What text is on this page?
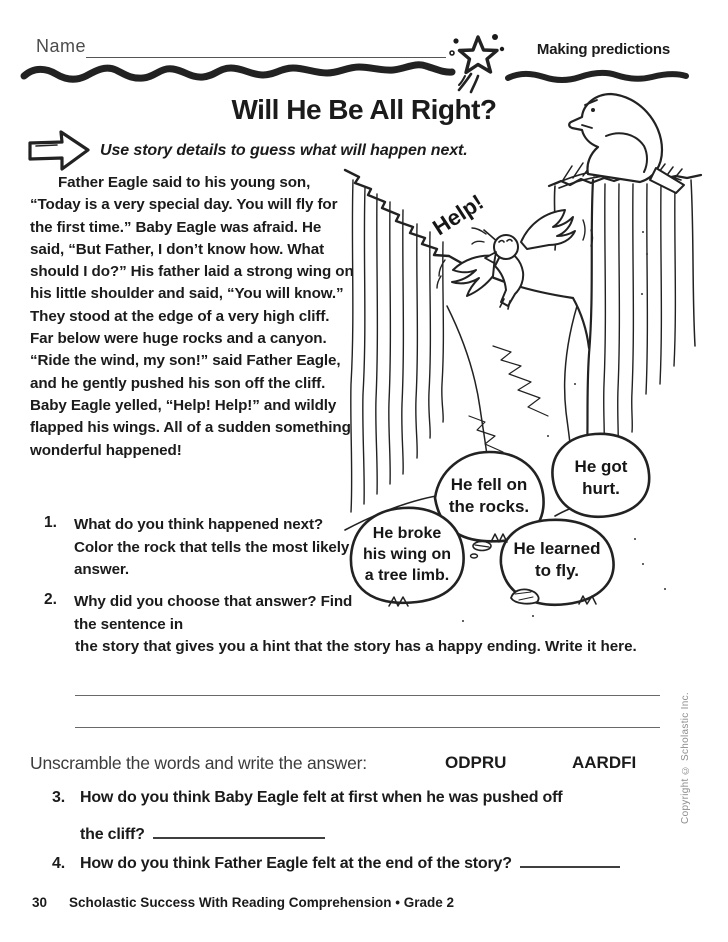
Name	Making predictions
Will He Be All Right?
Use story details to guess what will happen next.
Father Eagle said to his young son, “Today is a very special day. You will fly for the first time.” Baby Eagle was afraid. He said, “But Father, I don’t know how. What should I do?” His father laid a strong wing on his little shoulder and said, “You will know.” They stood at the edge of a very high cliff. Far below were huge rocks and a canyon. “Ride the wind, my son!” said Father Eagle, and he gently pushed his son off the cliff. Baby Eagle yelled, “Help! Help!” and wildly flapped his wings. All of a sudden something wonderful happened!
Help!
He fell on
the rocks.
He got
hurt.
He broke
his wing on
a tree limb.
He learned
to fly.
1.	What do you think happened next? Color the rock that tells the most likely answer.
2.	Why did you choose that answer? Find the sentence in
the story that gives you a hint that the story has a happy ending. Write it here.
Unscramble the words and write the answer:	ODPRU	AARDFI
3. How do you think Baby Eagle felt at first when he was pushed off
the cliff?
4. How do you think Father Eagle felt at the end of the story?
30 Scholastic Success With Reading Comprehension • Grade 2
Copyright © Scholastic Inc.
